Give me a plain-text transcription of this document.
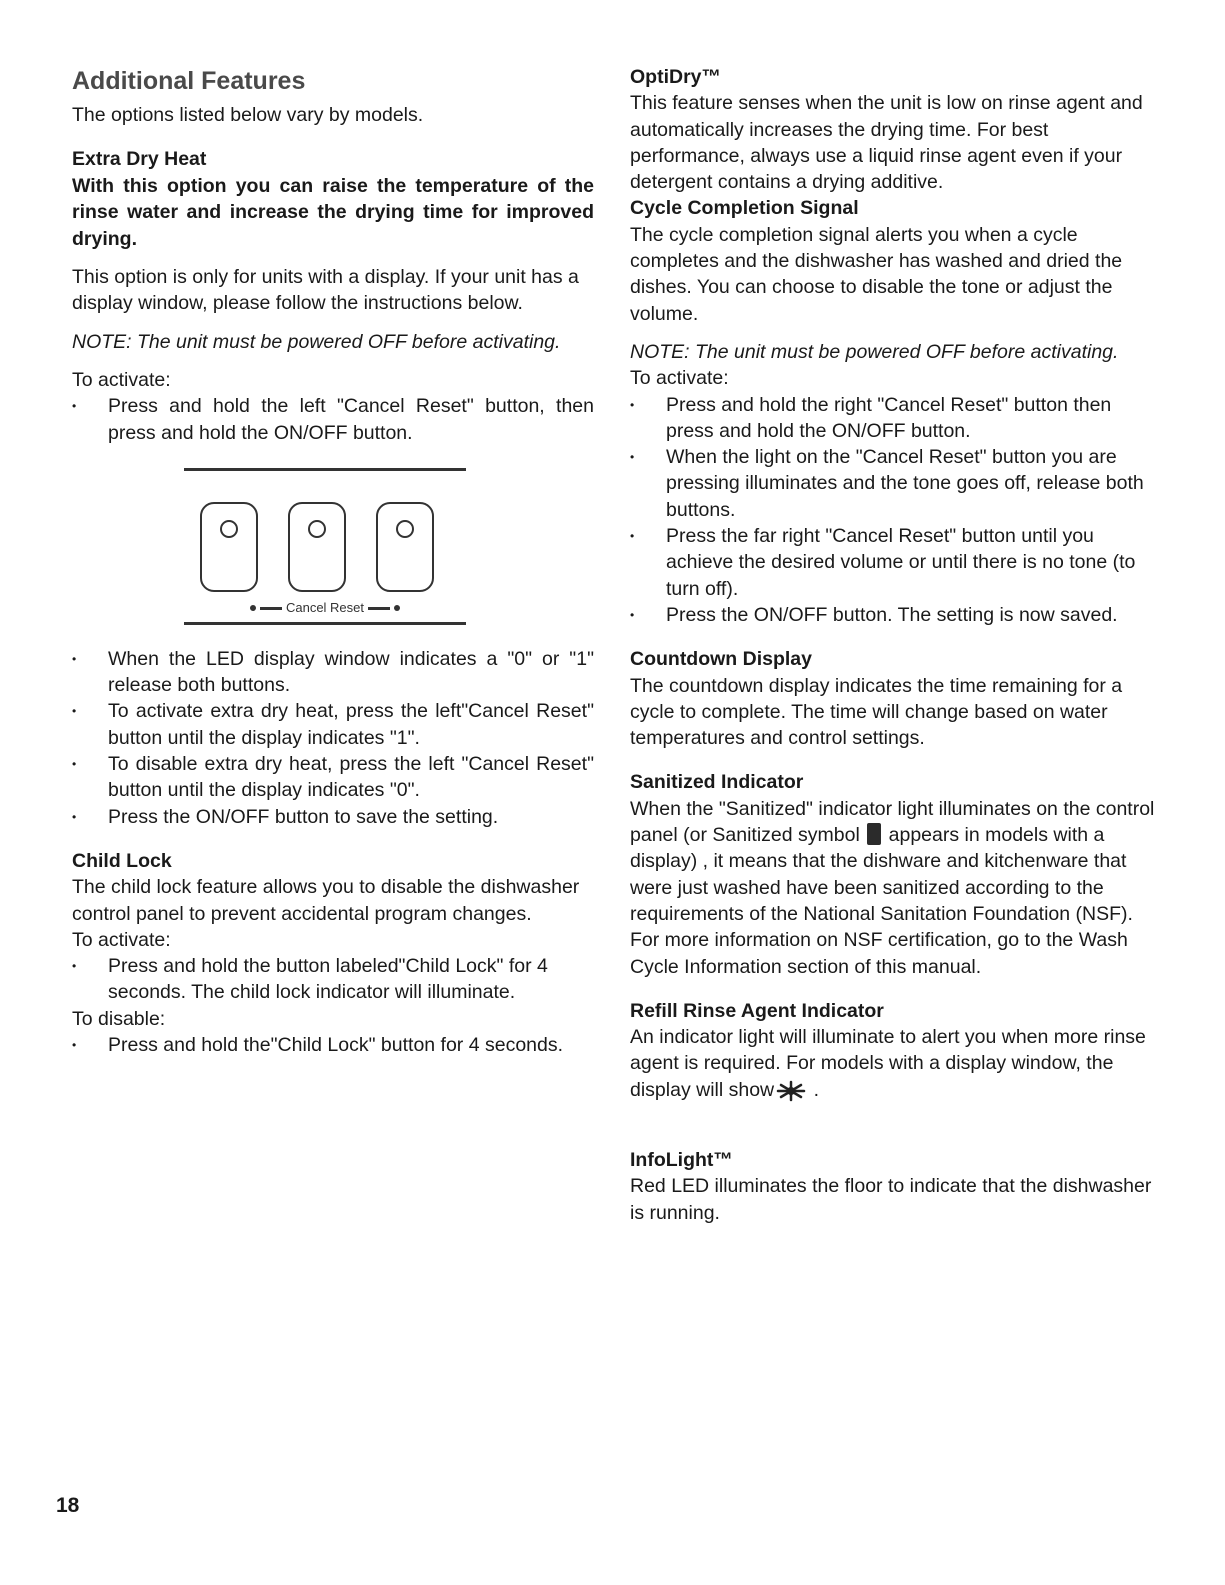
Additional Features

The options listed below vary by models.

Extra Dry Heat
With this option you can raise the temperature of the rinse water and increase the drying time for improved drying.

This option is only for units with a display. If your unit has a display window, please follow the instructions below.

NOTE: The unit must be powered OFF before activating.

To activate:

• Press and hold the left "Cancel Reset" button, then press and hold the ON/OFF button.
Cancel Reset
• When the LED display window indicates a "0" or "1" release both buttons.
• To activate extra dry heat, press the left"Cancel Reset" button until the display indicates "1".
• To disable extra dry heat, press the left "Cancel Reset" button until the display indicates "0".
• Press the ON/OFF button to save the setting.
Child Lock

The child lock feature allows you to disable the dishwasher control panel to prevent accidental program changes.

To activate:

• Press and hold the button labeled"Child Lock" for 4 seconds. The child lock indicator will illuminate.

To disable:

• Press and hold the"Child Lock" button for 4 seconds.
OptiDry™

This feature senses when the unit is low on rinse agent and automatically increases the drying time. For best performance, always use a liquid rinse agent even if your detergent contains a drying additive.

Cycle Completion Signal

The cycle completion signal alerts you when a cycle completes and the dishwasher has washed and dried the dishes. You can choose to disable the tone or adjust the volume.

NOTE: The unit must be powered OFF before activating.

To activate:

• Press and hold the right "Cancel Reset" button then press and hold the ON/OFF button.
• When the light on the "Cancel Reset" button you are pressing illuminates and the tone goes off, release both buttons.
• Press the far right "Cancel Reset" button until you achieve the desired volume or until there is no tone (to turn off).
• Press the ON/OFF button. The setting is now saved.
Countdown Display

The countdown display indicates the time remaining for a cycle to complete. The time will change based on water temperatures and control settings.

Sanitized Indicator

When the "Sanitized" indicator light illuminates on the control panel (or Sanitized symbol appears in models with a display) , it means that the dishware and kitchenware that were just washed have been sanitized according to the requirements of the National Sanitation Foundation (NSF). For more information on NSF certification, go to the Wash Cycle Information section of this manual.

Refill Rinse Agent Indicator

An indicator light will illuminate to alert you when more rinse agent is required. For models with a display window, the display will show .

InfoLight™

Red LED illuminates the floor to indicate that the dishwasher is running.

18
